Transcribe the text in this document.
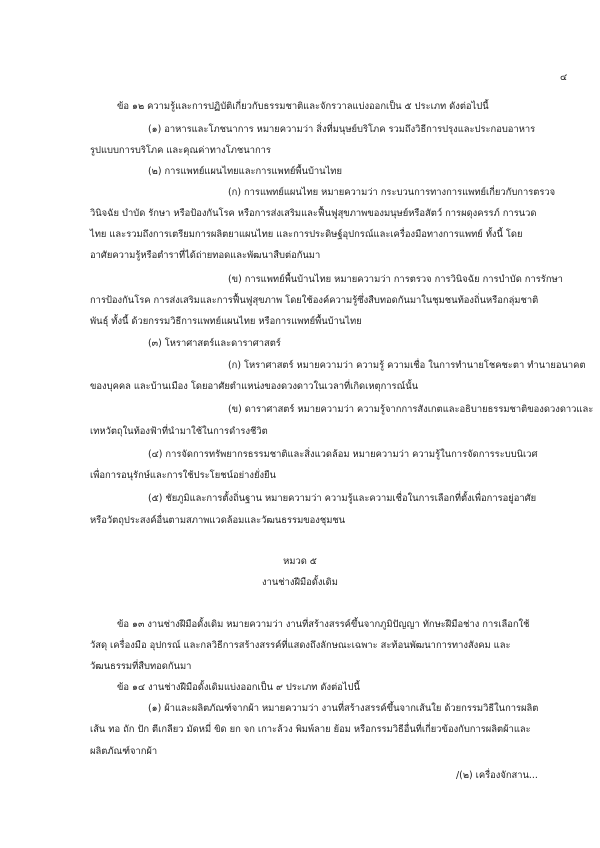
๔
ข้อ ๑๒ ความรู้และการปฏิบัติเกี่ยวกับธรรมชาติและจักรวาลแบ่งออกเป็น ๕ ประเภท ดังต่อไปนี้
(๑) อาหารและโภชนาการ หมายความว่า สิ่งที่มนุษย์บริโภค รวมถึงวิธีการปรุงและประกอบอาหาร
รูปแบบการบริโภค และคุณค่าทางโภชนาการ
(๒) การแพทย์แผนไทยและการแพทย์พื้นบ้านไทย
(ก) การแพทย์แผนไทย หมายความว่า กระบวนการทางการแพทย์เกี่ยวกับการตรวจ
วินิจฉัย บำบัด รักษา หรือป้องกันโรค หรือการส่งเสริมและฟื้นฟูสุขภาพของมนุษย์หรือสัตว์ การผดุงครรภ์ การนวด
ไทย และรวมถึงการเตรียมการผลิตยาแผนไทย และการประดิษฐ์อุปกรณ์และเครื่องมือทางการแพทย์ ทั้งนี้ โดย
อาศัยความรู้หรือตำราที่ได้ถ่ายทอดและพัฒนาสืบต่อกันมา
(ข) การแพทย์พื้นบ้านไทย หมายความว่า การตรวจ การวินิจฉัย การบำบัด การรักษา
การป้องกันโรค การส่งเสริมและการฟื้นฟูสุขภาพ โดยใช้องค์ความรู้ซึ่งสืบทอดกันมาในชุมชนท้องถิ่นหรือกลุ่มชาติ
พันธุ์ ทั้งนี้ ด้วยกรรมวิธีการแพทย์แผนไทย หรือการแพทย์พื้นบ้านไทย
(๓) โหราศาสตร์และดาราศาสตร์
(ก) โหราศาสตร์ หมายความว่า ความรู้ ความเชื่อ ในการทำนายโชคชะตา ทำนายอนาคต
ของบุคคล และบ้านเมือง โดยอาศัยตำแหน่งของดวงดาวในเวลาที่เกิดเหตุการณ์นั้น
(ข) ดาราศาสตร์ หมายความว่า ความรู้จากการสังเกตและอธิบายธรรมชาติของดวงดาวและ
เทหวัตถุในท้องฟ้าที่นำมาใช้ในการดำรงชีวิต
(๔) การจัดการทรัพยากรธรรมชาติและสิ่งแวดล้อม หมายความว่า ความรู้ในการจัดการระบบนิเวศ
เพื่อการอนุรักษ์และการใช้ประโยชน์อย่างยั่งยืน
(๕) ชัยภูมิและการตั้งถิ่นฐาน หมายความว่า ความรู้และความเชื่อในการเลือกที่ตั้งเพื่อการอยู่อาศัย
หรือวัตถุประสงค์อื่นตามสภาพแวดล้อมและวัฒนธรรมของชุมชน
หมวด ๕
งานช่างฝีมือดั้งเดิม
ข้อ ๑๓ งานช่างฝีมือดั้งเดิม หมายความว่า งานที่สร้างสรรค์ขึ้นจากภูมิปัญญา ทักษะฝีมือช่าง การเลือกใช้
วัสดุ เครื่องมือ อุปกรณ์ และกลวิธีการสร้างสรรค์ที่แสดงถึงลักษณะเฉพาะ สะท้อนพัฒนาการทางสังคม และ
วัฒนธรรมที่สืบทอดกันมา
ข้อ ๑๔ งานช่างฝีมือดั้งเดิมแบ่งออกเป็น ๙ ประเภท ดังต่อไปนี้
(๑) ผ้าและผลิตภัณฑ์จากผ้า หมายความว่า งานที่สร้างสรรค์ขึ้นจากเส้นใย ด้วยกรรมวิธีในการผลิต
เส้น ทอ ถัก ปัก ตีเกลียว มัดหมี่ ขิด ยก จก เกาะล้วง พิมพ์ลาย ย้อม หรือกรรมวิธีอื่นที่เกี่ยวข้องกับการผลิตผ้าและ
ผลิตภัณฑ์จากผ้า
/(๒) เครื่องจักสาน...
